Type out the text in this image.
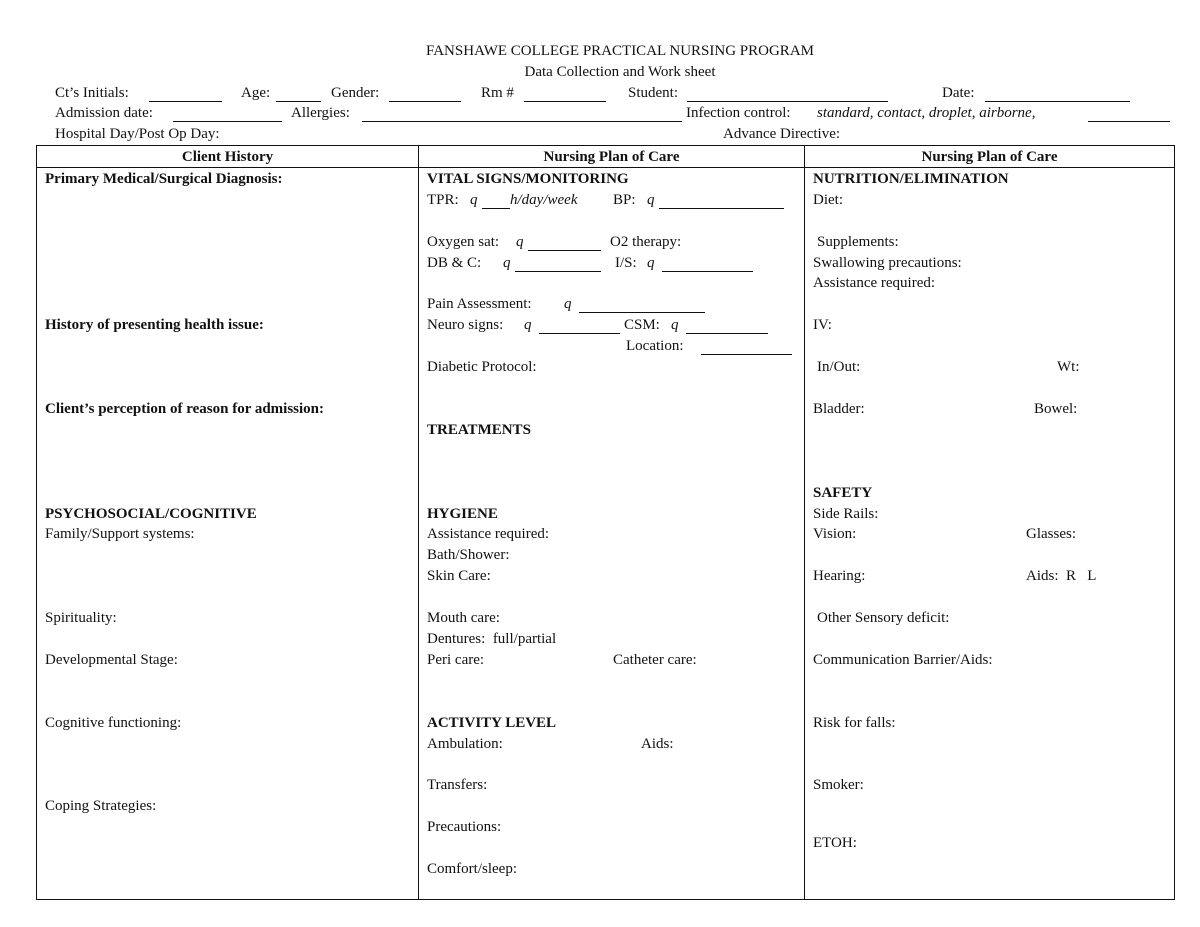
FANSHAWE COLLEGE PRACTICAL NURSING PROGRAM
Data Collection and Work sheet
Ct’s Initials:	Age:	Gender:	Rm #	Student:	Date:
Admission date:	Allergies:	Infection control: standard, contact, droplet, airborne,
Hospital Day/Post Op Day:	Advance Directive:
Client History	Nursing Plan of Care	Nursing Plan of Care
Primary Medical/Surgical Diagnosis:
History of presenting health issue:
Client’s perception of reason for admission:
PSYCHOSOCIAL/COGNITIVE
Family/Support systems:
Spirituality:
Developmental Stage:
Cognitive functioning:
Coping Strategies:
VITAL SIGNS/MONITORING
TPR: q h/day/week BP: q
Oxygen sat: q	O2 therapy:
DB & C: q	I/S: q
Pain Assessment: q
Neuro signs: q	CSM: q
Location:
Diabetic Protocol:
TREATMENTS
HYGIENE
Assistance required:
Bath/Shower:
Skin Care:
Mouth care:
Dentures:  full/partial
Peri care:	Catheter care:
ACTIVITY LEVEL
Ambulation:	Aids:
Transfers:
Precautions:
Comfort/sleep:
NUTRITION/ELIMINATION
Diet:
Supplements:
Swallowing precautions:
Assistance required:
IV:
In/Out:	Wt:
Bladder:	Bowel:
SAFETY
Side Rails:
Vision:	Glasses:
Hearing:	Aids:  R   L
Other Sensory deficit:
Communication Barrier/Aids:
Risk for falls:
Smoker:
ETOH:
